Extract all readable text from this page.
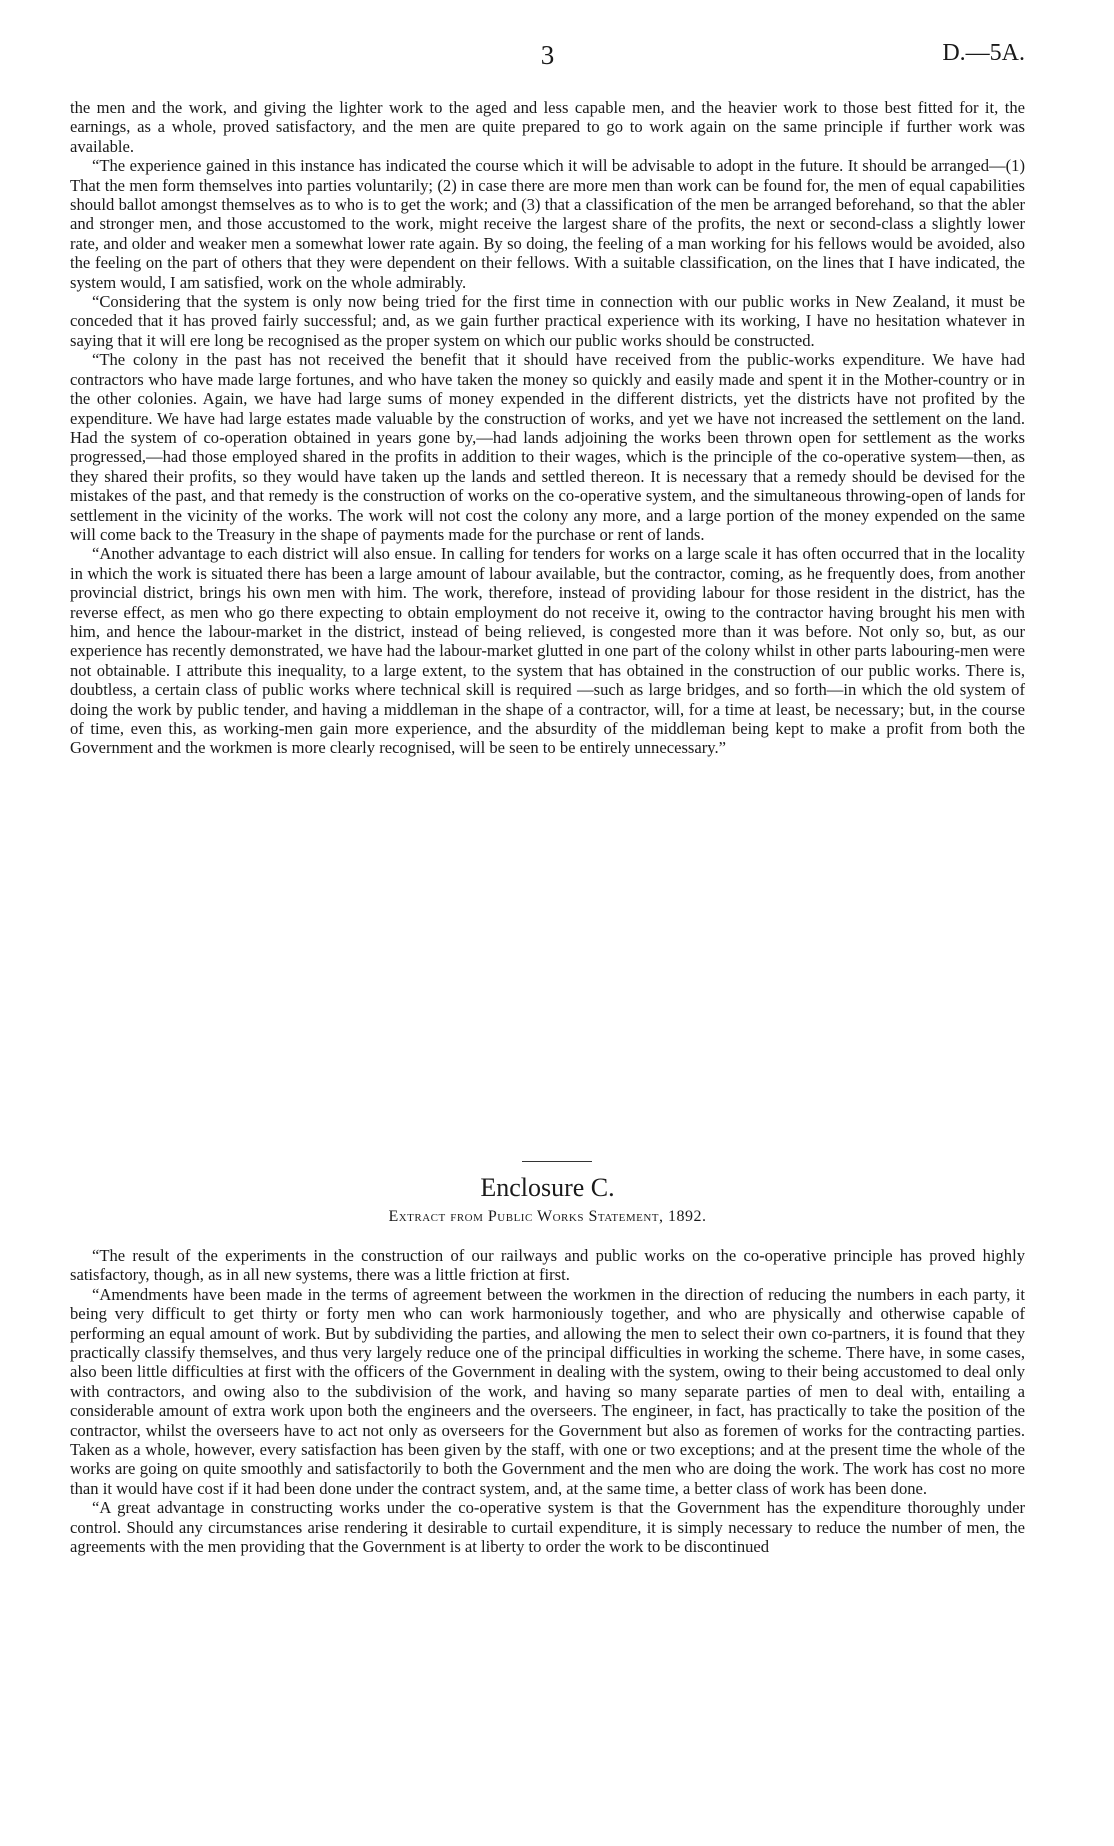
3	D.—5A.

the men and the work, and giving the lighter work to the aged and less capable men, and the heavier work to those best fitted for it, the earnings, as a whole, proved satisfactory, and the men are quite prepared to go to work again on the same principle if further work was available.

“The experience gained in this instance has indicated the course which it will be advisable to adopt in the future. It should be arranged—(1) That the men form themselves into parties voluntarily; (2) in case there are more men than work can be found for, the men of equal capabilities should ballot amongst themselves as to who is to get the work; and (3) that a classification of the men be arranged beforehand, so that the abler and stronger men, and those accustomed to the work, might receive the largest share of the profits, the next or second-class a slightly lower rate, and older and weaker men a somewhat lower rate again. By so doing, the feeling of a man working for his fellows would be avoided, also the feeling on the part of others that they were dependent on their fellows. With a suitable classification, on the lines that I have indicated, the system would, I am satisfied, work on the whole admirably.

“Considering that the system is only now being tried for the first time in connection with our public works in New Zealand, it must be conceded that it has proved fairly successful; and, as we gain further practical experience with its working, I have no hesitation whatever in saying that it will ere long be recognised as the proper system on which our public works should be constructed.

“The colony in the past has not received the benefit that it should have received from the public-works expenditure. We have had contractors who have made large fortunes, and who have taken the money so quickly and easily made and spent it in the Mother-country or in the other colonies. Again, we have had large sums of money expended in the different districts, yet the districts have not profited by the expenditure. We have had large estates made valuable by the construction of works, and yet we have not increased the settlement on the land. Had the system of co-operation obtained in years gone by,—had lands adjoining the works been thrown open for settlement as the works progressed,—had those employed shared in the profits in addition to their wages, which is the principle of the co-operative system—then, as they shared their profits, so they would have taken up the lands and settled thereon. It is necessary that a remedy should be devised for the mistakes of the past, and that remedy is the construction of works on the co-operative system, and the simultaneous throwing-open of lands for settlement in the vicinity of the works. The work will not cost the colony any more, and a large portion of the money expended on the same will come back to the Treasury in the shape of payments made for the purchase or rent of lands.

“Another advantage to each district will also ensue. In calling for tenders for works on a large scale it has often occurred that in the locality in which the work is situated there has been a large amount of labour available, but the contractor, coming, as he frequently does, from another provincial district, brings his own men with him. The work, therefore, instead of providing labour for those resident in the district, has the reverse effect, as men who go there expecting to obtain employment do not receive it, owing to the contractor having brought his men with him, and hence the labour-market in the district, instead of being relieved, is congested more than it was before. Not only so, but, as our experience has recently demonstrated, we have had the labour-market glutted in one part of the colony whilst in other parts labouring-men were not obtainable. I attribute this inequality, to a large extent, to the system that has obtained in the construction of our public works. There is, doubtless, a certain class of public works where technical skill is required —such as large bridges, and so forth—in which the old system of doing the work by public tender, and having a middleman in the shape of a contractor, will, for a time at least, be necessary; but, in the course of time, even this, as working-men gain more experience, and the absurdity of the middleman being kept to make a profit from both the Government and the workmen is more clearly recognised, will be seen to be entirely unnecessary.”

Enclosure C.
Extract from Public Works Statement, 1892.

“The result of the experiments in the construction of our railways and public works on the co-operative principle has proved highly satisfactory, though, as in all new systems, there was a little friction at first.

“Amendments have been made in the terms of agreement between the workmen in the direction of reducing the numbers in each party, it being very difficult to get thirty or forty men who can work harmoniously together, and who are physically and otherwise capable of performing an equal amount of work. But by subdividing the parties, and allowing the men to select their own co-partners, it is found that they practically classify themselves, and thus very largely reduce one of the principal difficulties in working the scheme. There have, in some cases, also been little difficulties at first with the officers of the Government in dealing with the system, owing to their being accustomed to deal only with contractors, and owing also to the subdivision of the work, and having so many separate parties of men to deal with, entailing a considerable amount of extra work upon both the engineers and the overseers. The engineer, in fact, has practically to take the position of the contractor, whilst the overseers have to act not only as overseers for the Government but also as foremen of works for the contracting parties. Taken as a whole, however, every satisfaction has been given by the staff, with one or two exceptions; and at the present time the whole of the works are going on quite smoothly and satisfactorily to both the Government and the men who are doing the work. The work has cost no more than it would have cost if it had been done under the contract system, and, at the same time, a better class of work has been done.

“A great advantage in constructing works under the co-operative system is that the Government has the expenditure thoroughly under control. Should any circumstances arise rendering it desirable to curtail expenditure, it is simply necessary to reduce the number of men, the agreements with the men providing that the Government is at liberty to order the work to be discontinued
